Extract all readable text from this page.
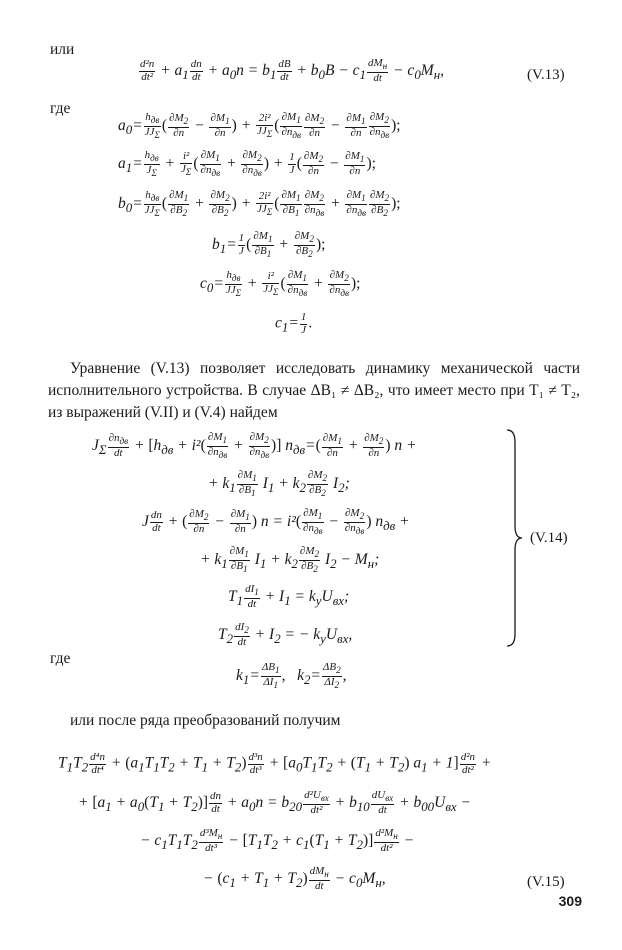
или
$\frac{\text{d²n}}{\text{dt²}} + a_1 \frac{dn}{dt} + a_0n = b_1 \frac{dB}{dt} + b_0B - c_1$
$dM_н$
dt − $c_0M_н$,	(V.13)
где
$a_0= h_{дв}$
$JJ_\Sigma$
( $\frac{\partial M_2}{\partial n} - \frac{\partial M_1}{\partial n}$ ) + 2i²
$JJ_\Sigma$ ( $\partial M_1$
$\partial n_{дв} \frac{\partial M_2}{\partial n} - \frac{\partial M_1}{\partial n} \partial M_2$
$\partial n_{дв}$
);
$a_1= h_{дв}$
$J_\Sigma$
+ $\frac{\text{i²}}{J_\Sigma}$ ( $\partial M_1$
$\partial n_{дв}$
+ $\partial M_2$
$\partial n_{дв}$
) + $\frac{1}{J}$ ( $\frac{\partial M_2}{\partial n} - \frac{\partial M_1}{\partial n}$ );
$b_0= h_{дв}$
$JJ_\Sigma$
( $\frac{\partial M_1}{\partial B_2} + \frac{\partial M_2}{\partial B_2}$ ) + 2i²
$JJ_\Sigma$ ( $\frac{\partial M_1}{\partial B_1} \partial M_2$
$\partial n_{дв}$
+ $\partial M_1$
$\partial n_{дв} \frac{\partial M_2}{\partial B_2}$ );
$b_1= \frac{1}{J}$ ( $\frac{\partial M_1}{\partial B_1} + \frac{\partial M_2}{\partial B_2}$ );
$c_0= h_{дв}$
$JJ_\Sigma$
+ i²
$JJ_\Sigma$ ( $\partial M_1$
$\partial n_{дв}$
+ $\partial M_2$
$\partial n_{дв}$
);
$c_1= \frac{1}{J}$ .
Уравнение (V.13) позволяет исследовать динамику механической части исполнительного устройства. В случае ΔB₁ ≠ ΔB₂, что имеет место при T₁ ≠ T₂, из выражений (V.II) и (V.4) найдем
$J_\Sigma$
$\partial n_{дв}$
dt + [$h_{дв} + i^2$( $\partial M_1$
$\partial n_{дв}$
+ $\partial M_2$
$\partial n_{дв}$
)] $n_{дв}=( \frac{\partial M_1}{\partial n} + \frac{\partial M_2}{\partial n}$ ) n +
+ $k_1 \frac{\partial M_1}{\partial B_1} I_1 + k_2 \frac{\partial M_2}{\partial B_2} I_2$;
J $\frac{dn}{dt}$ + ( $\frac{\partial M_2}{\partial n} - \frac{\partial M_1}{\partial n}$ ) n = i²( $\partial M_1$
$\partial n_{дв}$
− $\partial M_2$
$\partial n_{дв}$
) $n_{дв}$ +
+ $k_1 \frac{\partial M_1}{\partial B_1} I_1 + k_2 \frac{\partial M_2}{\partial B_2} I_2 - M_н$;
$T_1 \frac{dI_1}{dt} + I_1 = k_уU_{вх}$;
$T_2 \frac{dI_2}{dt} + I_2$ = − $k_уU_{вх}$,
(V.14)
где
$k_1= \frac{\Delta B_1}{\Delta I_1}$ ,   $k_2= \frac{\Delta B_2}{\Delta I_2}$ ,
или после ряда преобразований получим
$T_1T_2 \frac{\text{d⁴n}}{\text{dt⁴}} + (a_1T_1T_2 + T_1 + T_2) \frac{\text{d³n}}{\text{dt³}} + [a_0T_1T_2 + (T_1 + T_2) a_1 + 1] \frac{\text{d²n}}{\text{dt²}}$ +
+ $[a_1 + a_0(T_1 + T_2)] \frac{dn}{dt} + a_0n = b_{20}$
$d^2U_{вх}$
$dt^2 + b_{10}$
$dU_{вх}$
dt + $b_{00}U_{вх}$ −
− $c_1T_1T_2$
$d^3M_н$
$dt^3 - [T_1T_2 + c_1(T_1 + T_2)]$ $d^2M_н$
dt² −
− $(c_1 + T_1 + T_2)$ $dM_н$
dt − $c_0M_н$,	(V.15)
309
